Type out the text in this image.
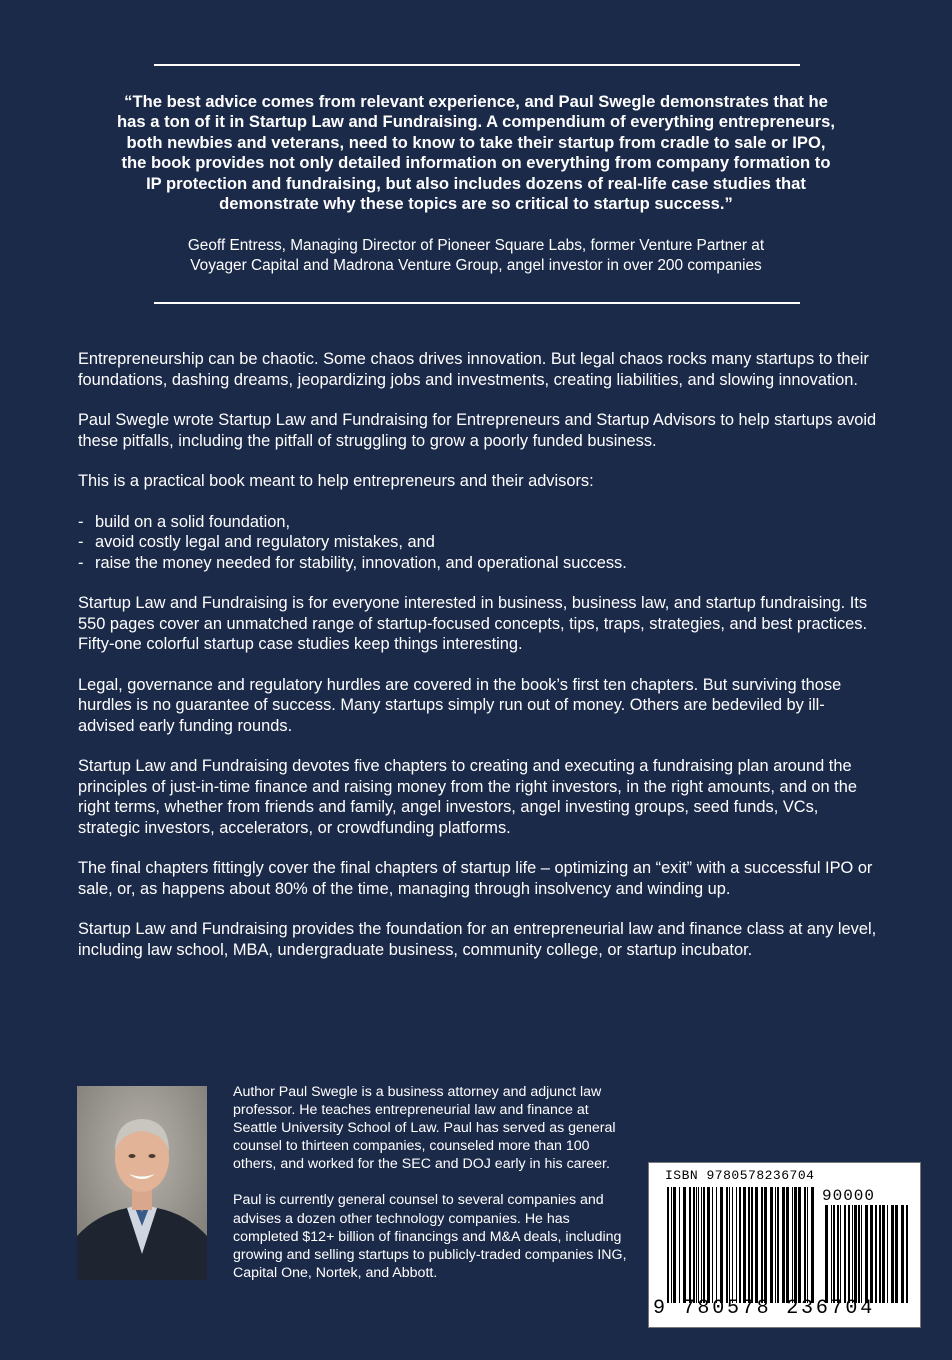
“The best advice comes from relevant experience, and Paul Swegle demonstrates that he
has a ton of it in Startup Law and Fundraising. A compendium of everything entrepreneurs,
both newbies and veterans, need to know to take their startup from cradle to sale or IPO,
the book provides not only detailed information on everything from company formation to
IP protection and fundraising, but also includes dozens of real-life case studies that
demonstrate why these topics are so critical to startup success.”
Geoff Entress, Managing Director of Pioneer Square Labs, former Venture Partner at
Voyager Capital and Madrona Venture Group, angel investor in over 200 companies

Entrepreneurship can be chaotic. Some chaos drives innovation. But legal chaos rocks many startups to their foundations, dashing dreams, jeopardizing jobs and investments, creating liabilities, and slowing innovation.

Paul Swegle wrote Startup Law and Fundraising for Entrepreneurs and Startup Advisors to help startups avoid these pitfalls, including the pitfall of struggling to grow a poorly funded business.

This is a practical book meant to help entrepreneurs and their advisors:

- build on a solid foundation,
- avoid costly legal and regulatory mistakes, and
- raise the money needed for stability, innovation, and operational success.

Startup Law and Fundraising is for everyone interested in business, business law, and startup fundraising. Its 550 pages cover an unmatched range of startup-focused concepts, tips, traps, strategies, and best practices. Fifty-one colorful startup case studies keep things interesting.

Legal, governance and regulatory hurdles are covered in the book’s first ten chapters. But surviving those hurdles is no guarantee of success. Many startups simply run out of money. Others are bedeviled by ill-advised early funding rounds.

Startup Law and Fundraising devotes five chapters to creating and executing a fundraising plan around the principles of just-in-time finance and raising money from the right investors, in the right amounts, and on the right terms, whether from friends and family, angel investors, angel investing groups, seed funds, VCs, strategic investors, accelerators, or crowdfunding platforms.

The final chapters fittingly cover the final chapters of startup life – optimizing an “exit” with a successful IPO or sale, or, as happens about 80% of the time, managing through insolvency and winding up.

Startup Law and Fundraising provides the foundation for an entrepreneurial law and finance class at any level, including law school, MBA, undergraduate business, community college, or startup incubator.

Author Paul Swegle is a business attorney and adjunct law professor. He teaches entrepreneurial law and finance at Seattle University School of Law. Paul has served as general counsel to thirteen companies, counseled more than 100 others, and worked for the SEC and DOJ early in his career.

Paul is currently general counsel to several companies and advises a dozen other technology companies. He has completed $12+ billion of financings and M&A deals, including growing and selling startups to publicly-traded companies ING, Capital One, Nortek, and Abbott.

ISBN 9780578236704
90000
9 780578 236704
